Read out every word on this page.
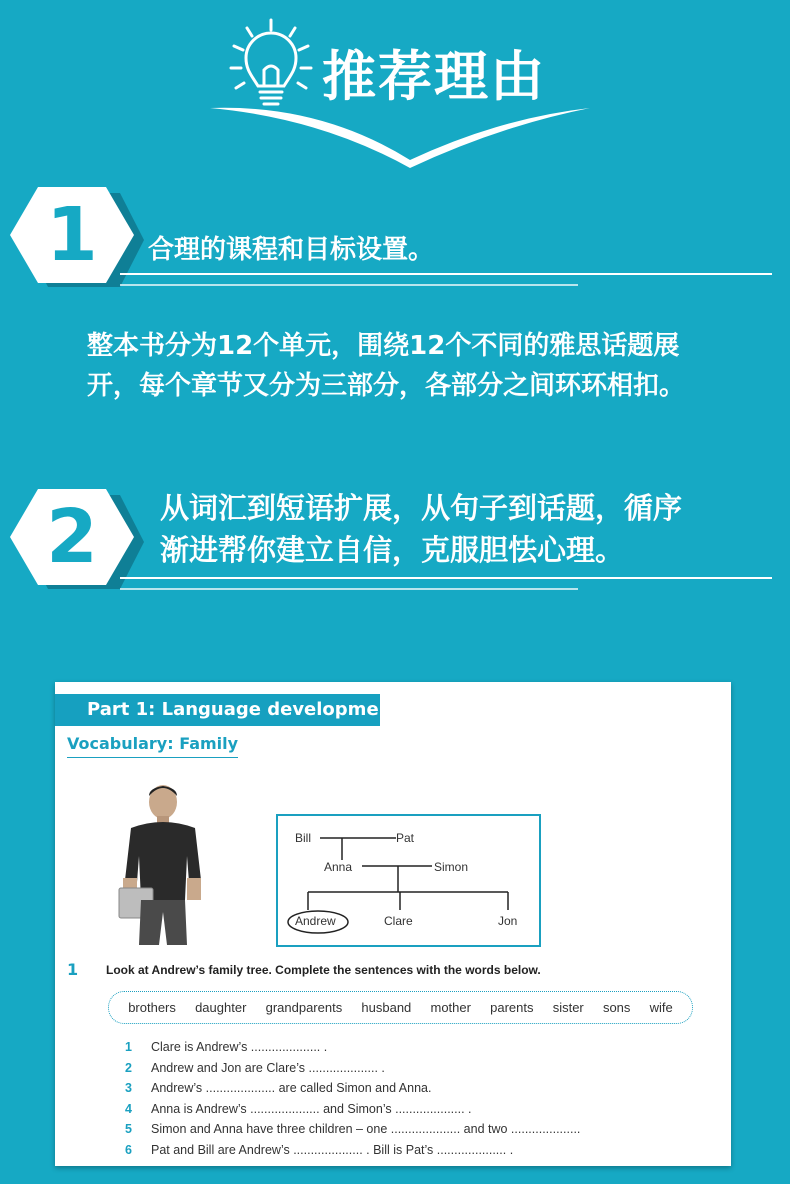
推荐理由
1	合理的课程和目标设置。
整本书分为12个单元，围绕12个不同的雅思话题展
开，每个章节又分为三部分，各部分之间环环相扣。
2	从词汇到短语扩展，从句子到话题，循序
渐进帮你建立自信，克服胆怯心理。
Part 1: Language development
Vocabulary: Family
Bill	Pat
Anna	Simon
Andrew	Clare	Jon
1 Look at Andrew’s family tree. Complete the sentences with the words below.
brothers daughter grandparents husband mother parents sister sons wife
1	Clare is Andrew’s .................... .
2	Andrew and Jon are Clare’s .................... .
3	Andrew’s .................... are called Simon and Anna.
4	Anna is Andrew’s .................... and Simon’s .................... .
5	Simon and Anna have three children – one .................... and two ....................
6	Pat and Bill are Andrew’s .................... . Bill is Pat’s .................... .
